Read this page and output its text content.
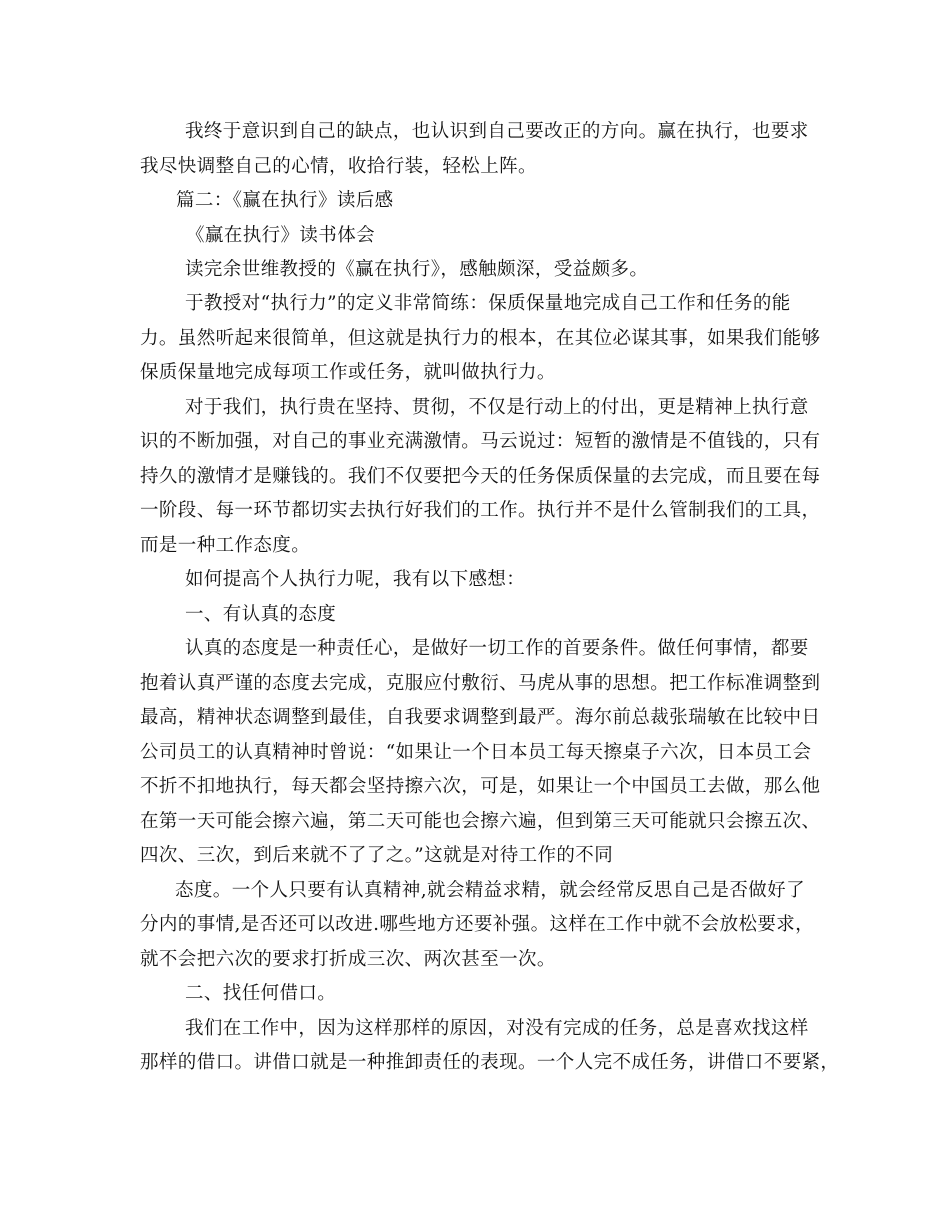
我终于意识到自己的缺点，也认识到自己要改正的方向。赢在执行，也要求
我尽快调整自己的心情，收拾行装，轻松上阵。
篇二：《赢在执行》读后感
《赢在执行》读书体会
读完余世维教授的《赢在执行》，感触颇深，受益颇多。
于教授对“执行力”的定义非常简练：保质保量地完成自己工作和任务的能
力。虽然听起来很简单，但这就是执行力的根本，在其位必谋其事，如果我们能够
保质保量地完成每项工作或任务，就叫做执行力。
对于我们，执行贵在坚持、贯彻，不仅是行动上的付出，更是精神上执行意
识的不断加强，对自己的事业充满激情。马云说过：短暂的激情是不值钱的，只有
持久的激情才是赚钱的。我们不仅要把今天的任务保质保量的去完成，而且要在每
一阶段、每一环节都切实去执行好我们的工作。执行并不是什么管制我们的工具，
而是一种工作态度。
如何提高个人执行力呢，我有以下感想：
一、有认真的态度
认真的态度是一种责任心，是做好一切工作的首要条件。做任何事情，都要
抱着认真严谨的态度去完成，克服应付敷衍、马虎从事的思想。把工作标准调整到
最高，精神状态调整到最佳，自我要求调整到最严。海尔前总裁张瑞敏在比较中日
公司员工的认真精神时曾说：“如果让一个日本员工每天擦桌子六次，日本员工会
不折不扣地执行，每天都会坚持擦六次，可是，如果让一个中国员工去做，那么他
在第一天可能会擦六遍，第二天可能也会擦六遍，但到第三天可能就只会擦五次、
四次、三次，到后来就不了了之。”这就是对待工作的不同
态度。一个人只要有认真精神,就会精益求精，就会经常反思自己是否做好了
分内的事情,是否还可以改进.哪些地方还要补强。这样在工作中就不会放松要求，
就不会把六次的要求打折成三次、两次甚至一次。
二、找任何借口。
我们在工作中，因为这样那样的原因，对没有完成的任务，总是喜欢找这样
那样的借口。讲借口就是一种推卸责任的表现。一个人完不成任务，讲借口不要紧，
